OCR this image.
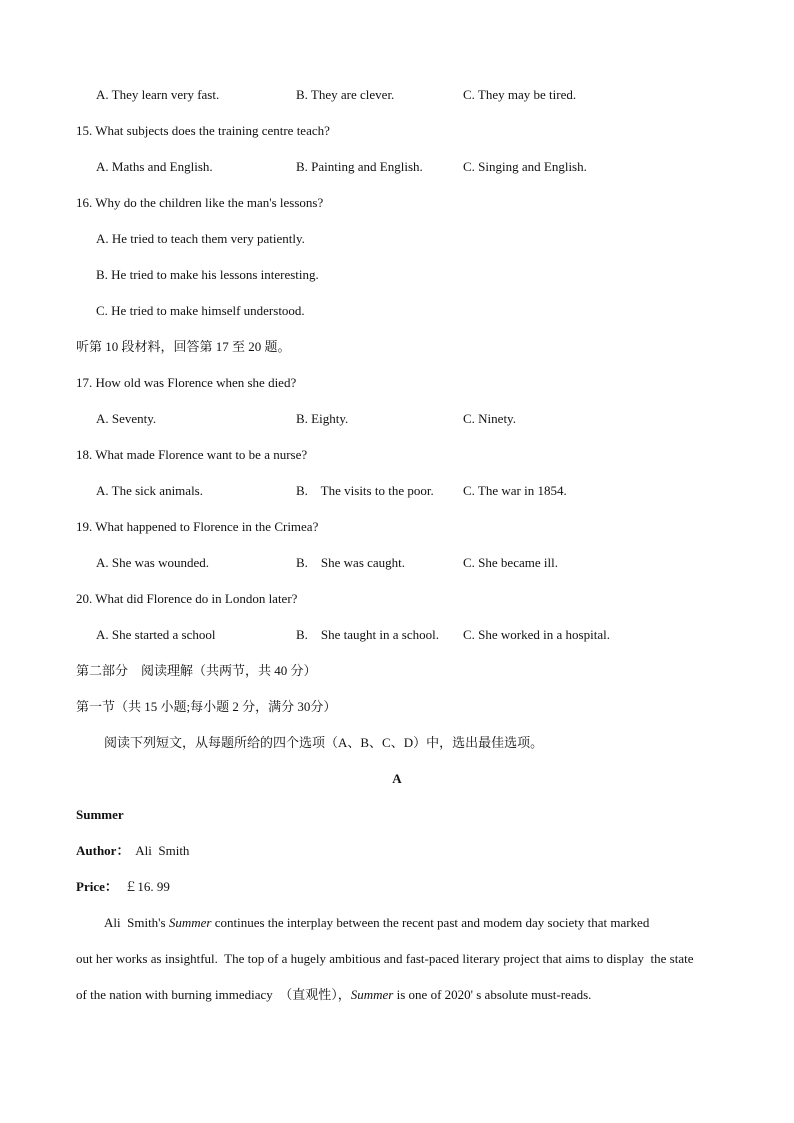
A. They learn very fast.	B. They are clever.	C. They may be tired.
15. What subjects does the training centre teach?
A. Maths and English.	B. Painting and English.	C. Singing and English.
16. Why do the children like the man's lessons?
A. He tried to teach them very patiently.
B. He tried to make his lessons interesting.
C. He tried to make himself understood.
听第 10 段材料，回答第 17 至 20 题。
17. How old was Florence when she died?
A. Seventy.	B. Eighty.	C. Ninety.
18. What made Florence want to be a nurse?
A. The sick animals.	B.    The visits to the poor. C. The war in 1854.
19. What happened to Florence in the Crimea?
A. She was wounded.	B.    She was caught.	C. She became ill.
20. What did Florence do in London later?
A. She started a school	B.    She taught in a school. C. She worked in a hospital.
第二部分    阅读理解（共两节，共 40 分）
第一节（共 15 小题;每小题 2 分，满分 30分）
阅读下列短文，从每题所给的四个选项（A、B、C、D）中，选出最佳选项。
A
Summer
Author： Ali  Smith
Price： ￡16. 99
Ali  Smith's Summer continues the interplay between the recent past and modem day society that marked
out her works as insightful.  The top of a hugely ambitious and fast-paced literary project that aims to display  the state
of the nation with burning immediacy  （直观性），Summer is one of 2020' s absolute must-reads.
